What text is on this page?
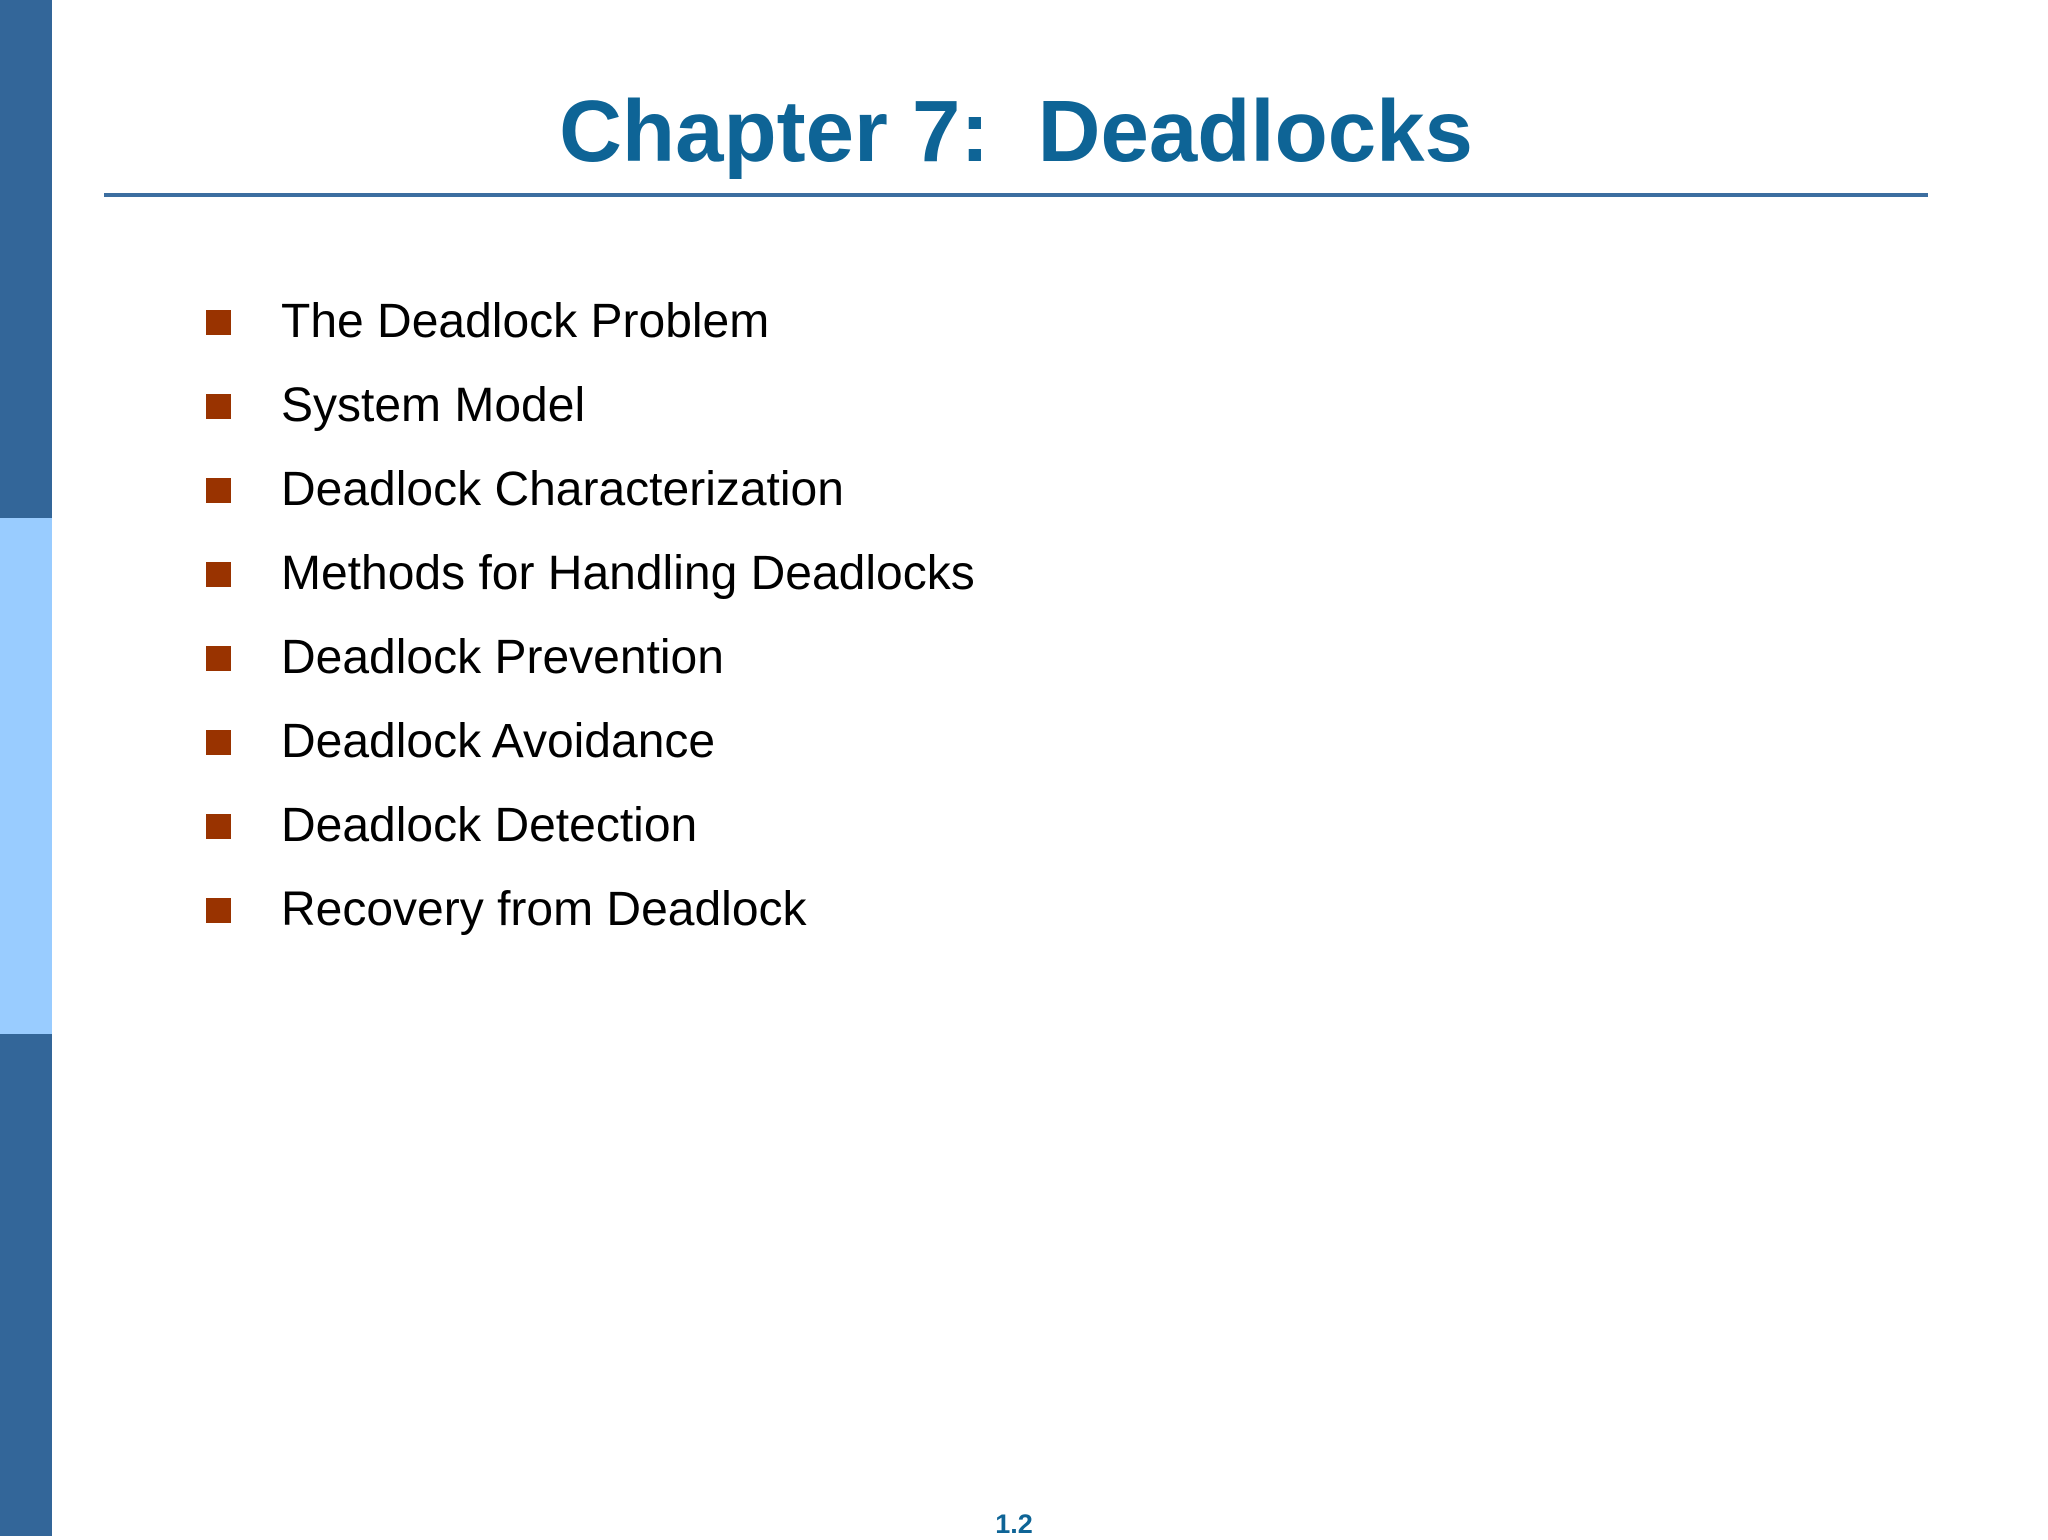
Chapter 7:  Deadlocks
The Deadlock Problem
System Model
Deadlock Characterization
Methods for Handling Deadlocks
Deadlock Prevention
Deadlock Avoidance
Deadlock Detection
Recovery from Deadlock
1.2
